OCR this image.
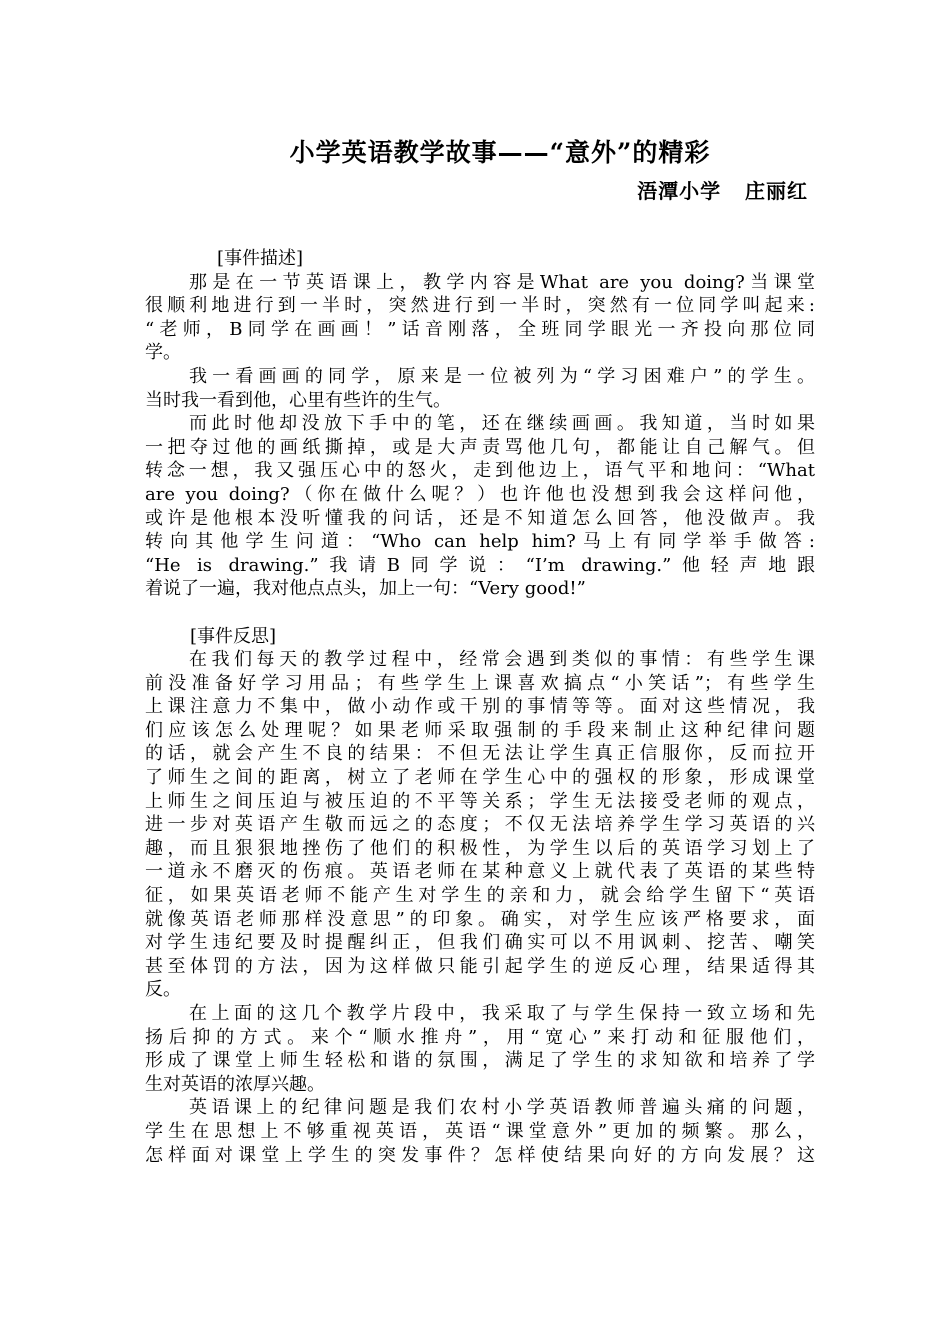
小学英语教学故事——“意外”的精彩
浯潭小学   庄丽红
[事件描述]
那是在一节英语课上，教学内容是What are you doing?当课堂
很顺利地进行到一半时，突然进行到一半时，突然有一位同学叫起来:
“老师，B同学在画画！”话音刚落，全班同学眼光一齐投向那位同
学。
我一看画画的同学，原来是一位被列为“学习困难户”的学生。
当时我一看到他，心里有些许的生气。
而此时他却没放下手中的笔，还在继续画画。我知道，当时如果
一把夺过他的画纸撕掉，或是大声责骂他几句，都能让自己解气。但
转念一想，我又强压心中的怒火，走到他边上，语气平和地问：“What
are you doing?（你在做什么呢？）也许他也没想到我会这样问他，
或许是他根本没听懂我的问话，还是不知道怎么回答，他没做声。我
转向其他学生问道：“Who can help him?马上有同学举手做答:
“He is drawing.”我请B同学说：“I’m drawing.”他轻声地跟
着说了一遍，我对他点点头，加上一句：“Very good!”
[事件反思]
在我们每天的教学过程中，经常会遇到类似的事情：有些学生课
前没准备好学习用品；有些学生上课喜欢搞点“小笑话”；有些学生
上课注意力不集中，做小动作或干别的事情等等。面对这些情况，我
们应该怎么处理呢？如果老师采取强制的手段来制止这种纪律问题
的话，就会产生不良的结果：不但无法让学生真正信服你，反而拉开
了师生之间的距离，树立了老师在学生心中的强权的形象，形成课堂
上师生之间压迫与被压迫的不平等关系；学生无法接受老师的观点，
进一步对英语产生敬而远之的态度；不仅无法培养学生学习英语的兴
趣，而且狠狠地挫伤了他们的积极性，为学生以后的英语学习划上了
一道永不磨灭的伤痕。英语老师在某种意义上就代表了英语的某些特
征，如果英语老师不能产生对学生的亲和力，就会给学生留下“英语
就像英语老师那样没意思”的印象。确实，对学生应该严格要求，面
对学生违纪要及时提醒纠正，但我们确实可以不用讽刺、挖苦、嘲笑
甚至体罚的方法，因为这样做只能引起学生的逆反心理，结果适得其
反。
在上面的这几个教学片段中，我采取了与学生保持一致立场和先
扬后抑的方式。来个“顺水推舟”，用“宽心”来打动和征服他们，
形成了课堂上师生轻松和谐的氛围，满足了学生的求知欲和培养了学
生对英语的浓厚兴趣。
英语课上的纪律问题是我们农村小学英语教师普遍头痛的问题，
学生在思想上不够重视英语，英语“课堂意外”更加的频繁。那么，
怎样面对课堂上学生的突发事件？怎样使结果向好的方向发展？这
